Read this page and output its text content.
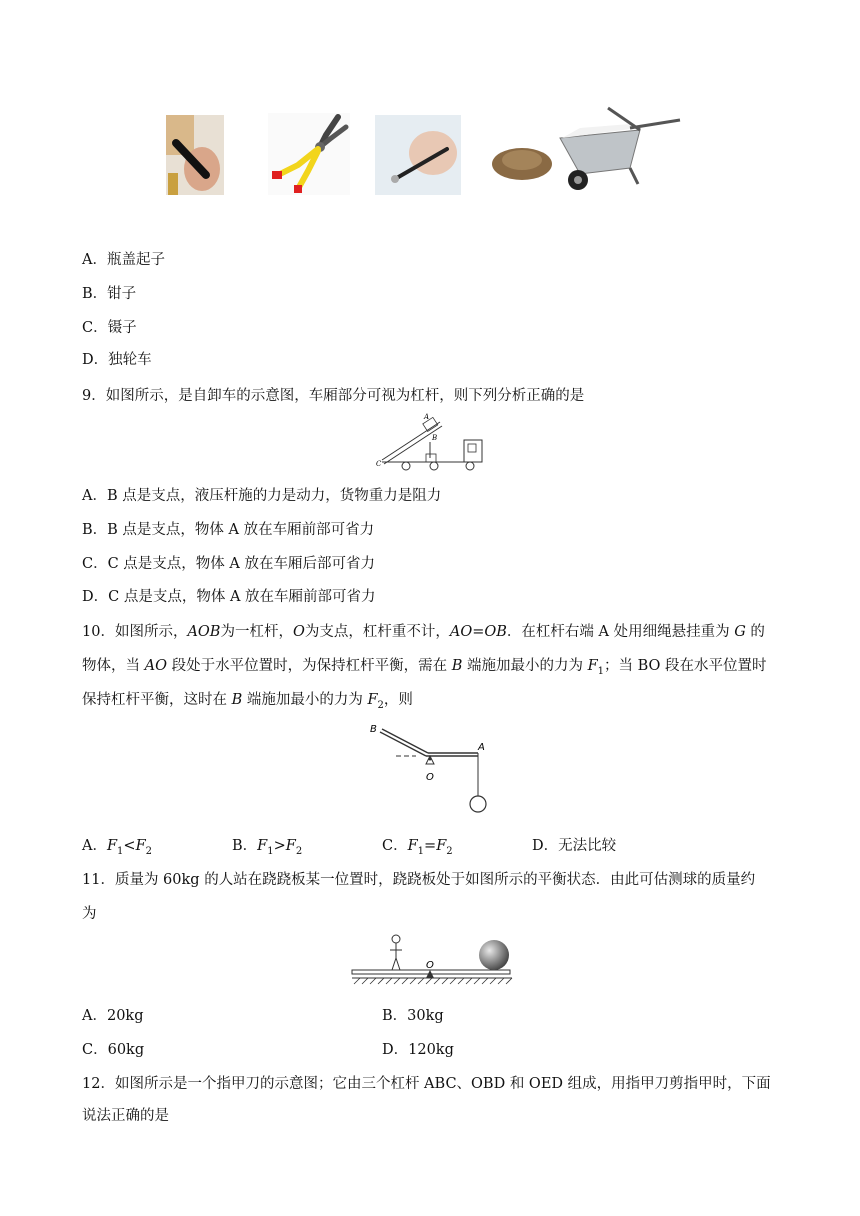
A．瓶盖起子
B．钳子
C．镊子
D．独轮车
9．如图所示，是自卸车的示意图，车厢部分可视为杠杆，则下列分析正确的是
A
B
C
A．B 点是支点，液压杆施的力是动力，货物重力是阻力
B．B 点是支点，物体 A 放在车厢前部可省力
C．C 点是支点，物体 A 放在车厢后部可省力
D．C 点是支点，物体 A 放在车厢前部可省力
10．如图所示，AOB为一杠杆，O为支点，杠杆重不计，AO=OB．在杠杆右端 A 处用细绳悬挂重为 G 的
物体，当 AO 段处于水平位置时，为保持杠杆平衡，需在 B 端施加最小的力为 $F_1$；当 BO 段在水平位置时
保持杠杆平衡，这时在 B 端施加最小的力为 $F_2$，则
B
A
O
A．$F_1<F_2$	B．$F_1>F_2$	C．$F_1=F_2$	D．无法比较
11．质量为 60kg 的人站在跷跷板某一位置时，跷跷板处于如图所示的平衡状态．由此可估测球的质量约
为
O
A．20kg	B．30kg
C．60kg	D．120kg
12．如图所示是一个指甲刀的示意图；它由三个杠杆 ABC、OBD 和 OED 组成，用指甲刀剪指甲时，下面
说法正确的是
